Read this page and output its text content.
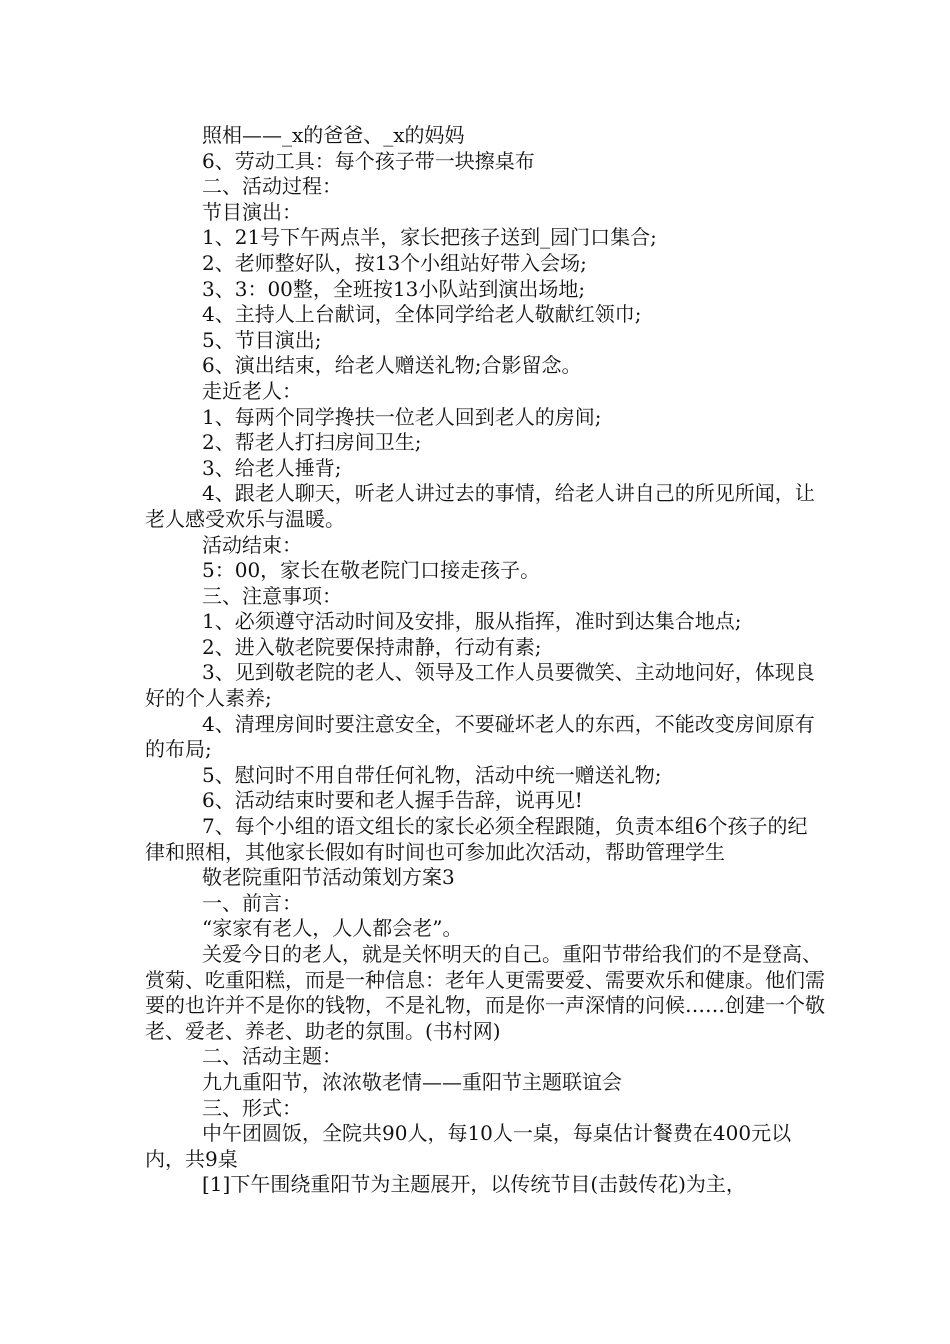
照相——_x的爸爸、_x的妈妈

6、劳动工具：每个孩子带一块擦桌布

二、活动过程：

节目演出：

1、21号下午两点半，家长把孩子送到_园门口集合;

2、老师整好队，按13个小组站好带入会场;

3、3：00整，全班按13小队站到演出场地;

4、主持人上台献词，全体同学给老人敬献红领巾;

5、节目演出;

6、演出结束，给老人赠送礼物;合影留念。

走近老人：

1、每两个同学搀扶一位老人回到老人的房间;

2、帮老人打扫房间卫生;

3、给老人捶背;

4、跟老人聊天，听老人讲过去的事情，给老人讲自己的所见所闻，让老人感受欢乐与温暖。

活动结束：

5：00，家长在敬老院门口接走孩子。

三、注意事项：

1、必须遵守活动时间及安排，服从指挥，准时到达集合地点;

2、进入敬老院要保持肃静，行动有素;

3、见到敬老院的老人、领导及工作人员要微笑、主动地问好，体现良好的个人素养;

4、清理房间时要注意安全，不要碰坏老人的东西，不能改变房间原有的布局;

5、慰问时不用自带任何礼物，活动中统一赠送礼物;

6、活动结束时要和老人握手告辞，说再见!

7、每个小组的语文组长的家长必须全程跟随，负责本组6个孩子的纪律和照相，其他家长假如有时间也可参加此次活动，帮助管理学生

敬老院重阳节活动策划方案3

一、前言：

“家家有老人，人人都会老”。

关爱今日的老人，就是关怀明天的自己。重阳节带给我们的不是登高、赏菊、吃重阳糕，而是一种信息：老年人更需要爱、需要欢乐和健康。他们需要的也许并不是你的钱物，不是礼物，而是你一声深情的问候……创建一个敬老、爱老、养老、助老的氛围。(书村网)

二、活动主题：

九九重阳节，浓浓敬老情——重阳节主题联谊会

三、形式：

中午团圆饭，全院共90人，每10人一桌，每桌估计餐费在400元以内，共9桌

[1]下午围绕重阳节为主题展开，以传统节目(击鼓传花)为主，
